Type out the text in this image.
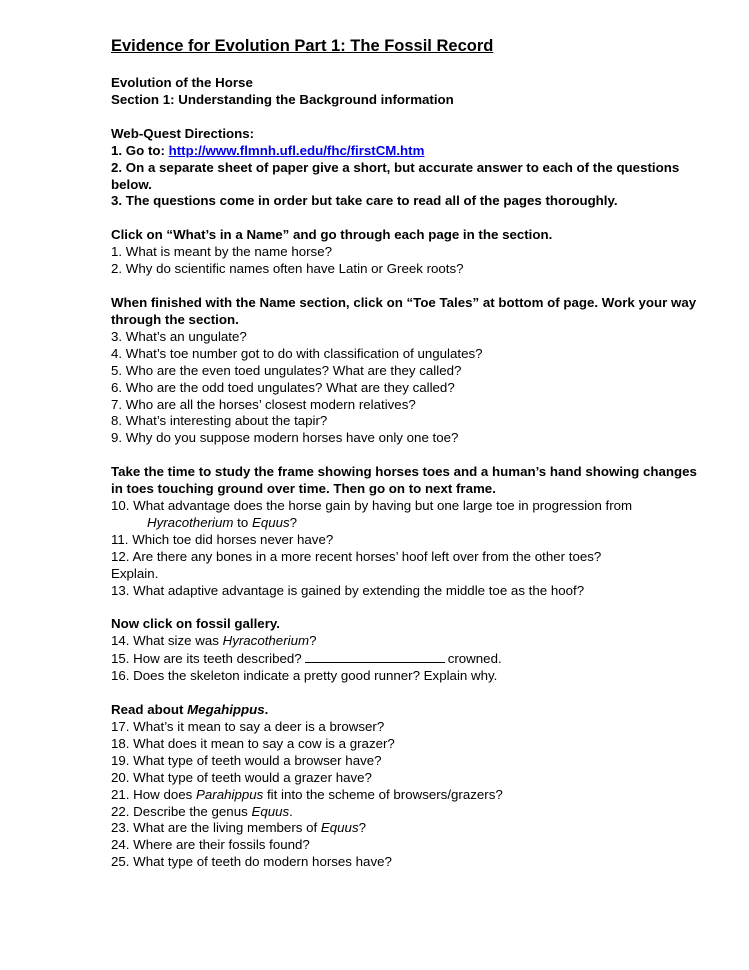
Evidence for Evolution Part 1: The Fossil Record
Evolution of the Horse
Section 1: Understanding the Background information
Web-Quest Directions:
1. Go to: http://www.flmnh.ufl.edu/fhc/firstCM.htm
2. On a separate sheet of paper give a short, but accurate answer to each of the questions below.
3. The questions come in order but take care to read all of the pages thoroughly.
Click on “What’s in a Name” and go through each page in the section.
1. What is meant by the name horse?
2. Why do scientific names often have Latin or Greek roots?
When finished with the Name section, click on “Toe Tales” at bottom of page. Work your way through the section.
3. What’s an ungulate?
4. What’s toe number got to do with classification of ungulates?
5. Who are the even toed ungulates? What are they called?
6. Who are the odd toed ungulates? What are they called?
7. Who are all the horses’ closest modern relatives?
8. What’s interesting about the tapir?
9. Why do you suppose modern horses have only one toe?
Take the time to study the frame showing horses toes and a human’s hand showing changes in toes touching ground over time. Then go on to next frame.
10. What advantage does the horse gain by having but one large toe in progression from
Hyracotherium to Equus?
11. Which toe did horses never have?
12. Are there any bones in a more recent horses’ hoof left over from the other toes?
Explain.
13. What adaptive advantage is gained by extending the middle toe as the hoof?
Now click on fossil gallery.
14. What size was Hyracotherium?
15. How are its teeth described?	crowned.
16. Does the skeleton indicate a pretty good runner? Explain why.
Read about Megahippus.
17. What’s it mean to say a deer is a browser?
18. What does it mean to say a cow is a grazer?
19. What type of teeth would a browser have?
20. What type of teeth would a grazer have?
21. How does Parahippus fit into the scheme of browsers/grazers?
22. Describe the genus Equus.
23. What are the living members of Equus?
24. Where are their fossils found?
25. What type of teeth do modern horses have?
